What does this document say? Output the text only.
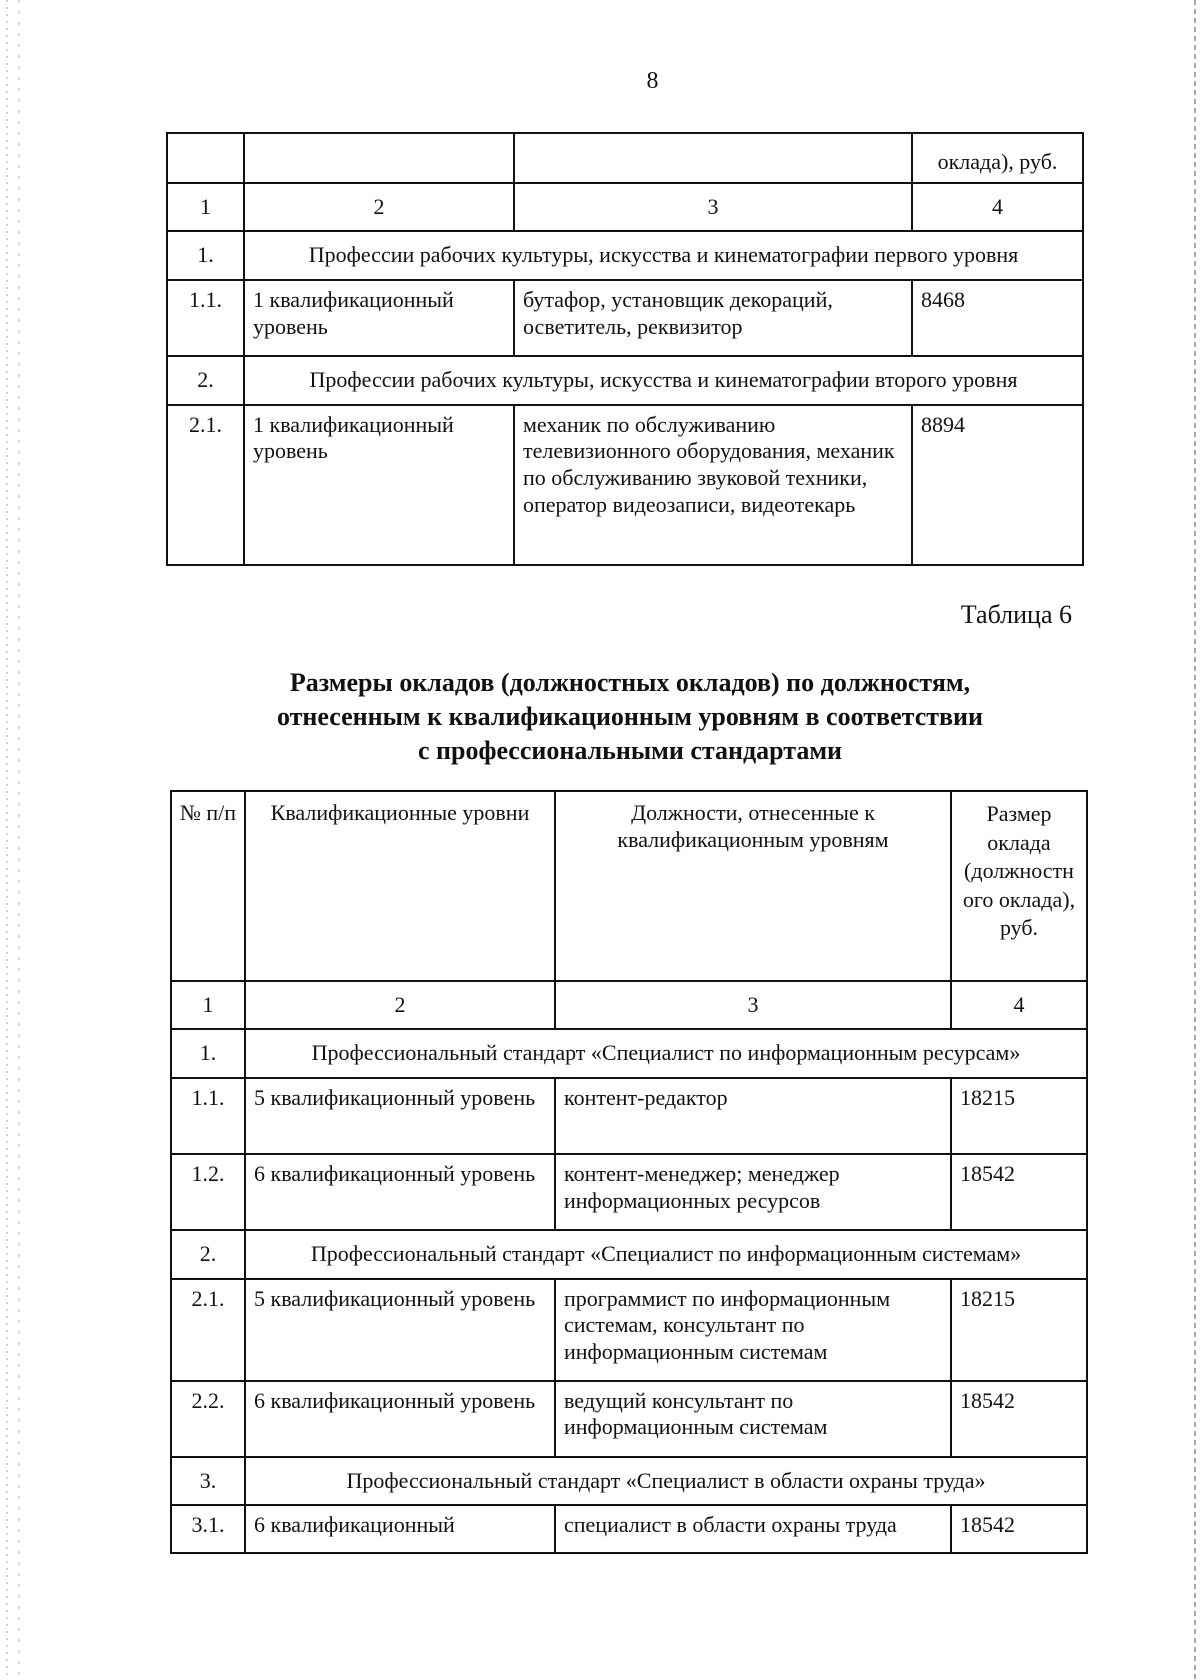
8
			оклада), руб.
1	2	3	4
1.	Профессии рабочих культуры, искусства и кинематографии первого уровня		
1.1.	1 квалификационный уровень	бутафор, установщик декораций, осветитель, реквизитор	8468
2.	Профессии рабочих культуры, искусства и кинематографии второго уровня		
2.1.	1 квалификационный уровень	механик по обслуживанию телевизионного оборудования, механик по обслуживанию звуковой техники, оператор видеозаписи, видеотекарь	8894
Таблица 6
Размеры окладов (должностных окладов) по должностям,
отнесенным к квалификационным уровням в соответствии
с профессиональными стандартами
№ п/п	Квалификационные уровни	Должности, отнесенные к квалификационным уровням	Размер оклада (должностн ого оклада), руб.
1	2	3	4
1.	Профессиональный стандарт «Специалист по информационным ресурсам»		
1.1.	5 квалификационный уровень	контент-редактор	18215
1.2.	6 квалификационный уровень	контент-менеджер; менеджер информационных ресурсов	18542
2.	Профессиональный стандарт «Специалист по информационным системам»		
2.1.	5 квалификационный уровень	программист по информационным системам, консультант по информационным системам	18215
2.2.	6 квалификационный уровень	ведущий консультант по информационным системам	18542
3.	Профессиональный стандарт «Специалист в области охраны труда»		
3.1.	6 квалификационный	специалист в области охраны труда	18542
